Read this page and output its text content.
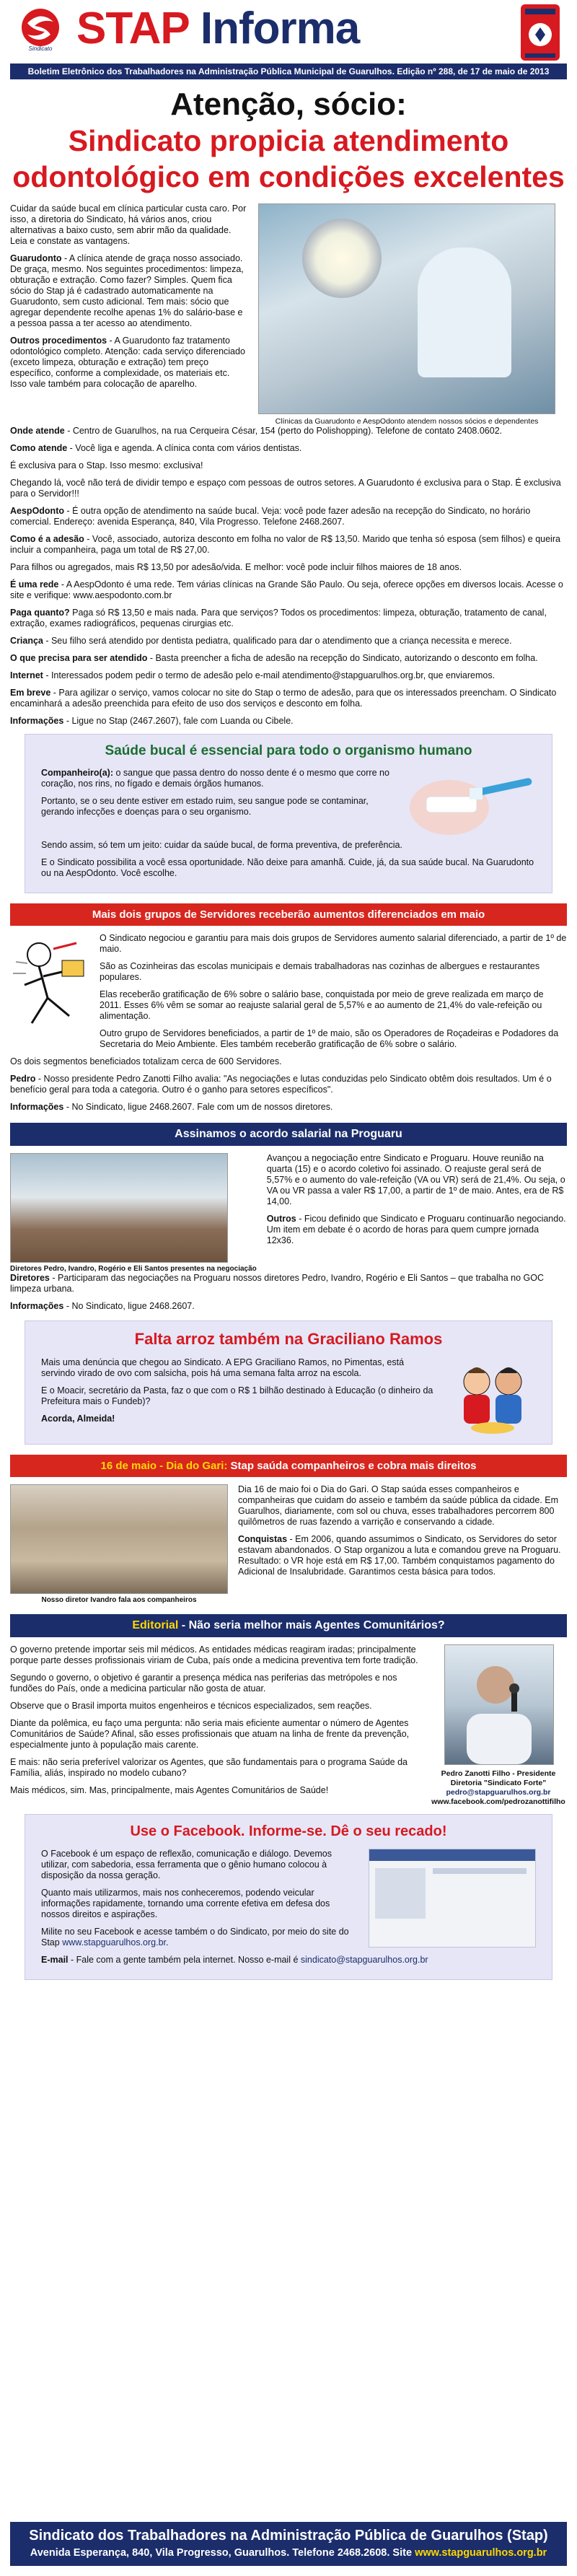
Sindicato STAP Informa
Boletim Eletrônico dos Trabalhadores na Administração Pública Municipal de Guarulhos. Edição nº 288, de 17 de maio de 2013
Atenção, sócio:
Sindicato propicia atendimento
odontológico em condições excelentes

Cuidar da saúde bucal em clínica particular custa caro. Por isso, a diretoria do Sindicato, há vários anos, criou alternativas a baixo custo, sem abrir mão da qualidade. Leia e constate as vantagens.

Guarudonto - A clínica atende de graça nosso associado. De graça, mesmo. Nos seguintes procedimentos: limpeza, obturação e extração. Como fazer? Simples. Quem fica sócio do Stap já é cadastrado automaticamente na Guarudonto, sem custo adicional. Tem mais: sócio que agregar dependente recolhe apenas 1% do salário-base e a pessoa passa a ter acesso ao atendimento.

Outros procedimentos - A Guarudonto faz tratamento odontológico completo. Atenção: cada serviço diferenciado (exceto limpeza, obturação e extração) tem preço específico, conforme a complexidade, os materiais etc. Isso vale também para colocação de aparelho.

Clínicas da Guarudonto e AespOdonto atendem nossos sócios e dependentes

Onde atende - Centro de Guarulhos, na rua Cerqueira César, 154 (perto do Polishopping). Telefone de contato 2408.0602.

Como atende - Você liga e agenda. A clínica conta com vários dentistas.

É exclusiva para o Stap. Isso mesmo: exclusiva!

Chegando lá, você não terá de dividir tempo e espaço com pessoas de outros setores. A Guarudonto é exclusiva para o Stap. É exclusiva para o Servidor!!!

AespOdonto - É outra opção de atendimento na saúde bucal. Veja: você pode fazer adesão na recepção do Sindicato, no horário comercial. Endereço: avenida Esperança, 840, Vila Progresso. Telefone 2468.2607.

Como é a adesão - Você, associado, autoriza desconto em folha no valor de R$ 13,50. Marido que tenha só esposa (sem filhos) e queira incluir a companheira, paga um total de R$ 27,00.

Para filhos ou agregados, mais R$ 13,50 por adesão/vida. E melhor: você pode incluir filhos maiores de 18 anos.

É uma rede - A AespOdonto é uma rede. Tem várias clínicas na Grande São Paulo. Ou seja, oferece opções em diversos locais. Acesse o site e verifique: www.aespodonto.com.br

Paga quanto? Paga só R$ 13,50 e mais nada. Para que serviços? Todos os procedimentos: limpeza, obturação, tratamento de canal, extração, exames radiográficos, pequenas cirurgias etc.

Criança - Seu filho será atendido por dentista pediatra, qualificado para dar o atendimento que a criança necessita e merece.

O que precisa para ser atendido - Basta preencher a ficha de adesão na recepção do Sindicato, autorizando o desconto em folha.

Internet - Interessados podem pedir o termo de adesão pelo e-mail atendimento@stapguarulhos.org.br, que enviaremos.

Em breve - Para agilizar o serviço, vamos colocar no site do Stap o termo de adesão, para que os interessados preencham. O Sindicato encaminhará a adesão preenchida para efeito de uso dos serviços e desconto em folha.

Informações - Ligue no Stap (2467.2607), fale com Luanda ou Cibele.

Saúde bucal é essencial para todo o organismo humano

Companheiro(a): o sangue que passa dentro do nosso dente é o mesmo que corre no coração, nos rins, no fígado e demais órgãos humanos.

Portanto, se o seu dente estiver em estado ruim, seu sangue pode se contaminar, gerando infecções e doenças para o seu organismo.

Sendo assim, só tem um jeito: cuidar da saúde bucal, de forma preventiva, de preferência.

E o Sindicato possibilita a você essa oportunidade. Não deixe para amanhã. Cuide, já, da sua saúde bucal. Na Guarudonto ou na AespOdonto. Você escolhe.

Mais dois grupos de Servidores receberão aumentos diferenciados em maio

O Sindicato negociou e garantiu para mais dois grupos de Servidores aumento salarial diferenciado, a partir de 1º de maio.

São as Cozinheiras das escolas municipais e demais trabalhadoras nas cozinhas de albergues e restaurantes populares.

Elas receberão gratificação de 6% sobre o salário base, conquistada por meio de greve realizada em março de 2011. Esses 6% vêm se somar ao reajuste salarial geral de 5,57% e ao aumento de 21,4% do vale-refeição ou alimentação.

Outro grupo de Servidores beneficiados, a partir de 1º de maio, são os Operadores de Roçadeiras e Podadores da Secretaria do Meio Ambiente. Eles também receberão gratificação de 6% sobre o salário.

Os dois segmentos beneficiados totalizam cerca de 600 Servidores.

Pedro - Nosso presidente Pedro Zanotti Filho avalia: "As negociações e lutas conduzidas pelo Sindicato obtêm dois resultados. Um é o benefício geral para toda a categoria. Outro é o ganho para setores específicos".

Informações - No Sindicato, ligue 2468.2607. Fale com um de nossos diretores.

Assinamos o acordo salarial na Proguaru
Diretores Pedro, Ivandro, Rogério e Eli Santos presentes na negociação

Avançou a negociação entre Sindicato e Proguaru. Houve reunião na quarta (15) e o acordo coletivo foi assinado. O reajuste geral será de 5,57% e o aumento do vale-refeição (VA ou VR) será de 21,4%. Ou seja, o VA ou VR passa a valer R$ 17,00, a partir de 1º de maio. Antes, era de R$ 14,00.

Outros - Ficou definido que Sindicato e Proguaru continuarão negociando. Um item em debate é o acordo de horas para quem cumpre jornada 12x36.

Diretores - Participaram das negociações na Proguaru nossos diretores Pedro, Ivandro, Rogério e Eli Santos – que trabalha no GOC limpeza urbana.

Informações - No Sindicato, ligue 2468.2607.

Falta arroz também na Graciliano Ramos

Mais uma denúncia que chegou ao Sindicato. A EPG Graciliano Ramos, no Pimentas, está servindo virado de ovo com salsicha, pois há uma semana falta arroz na escola.

E o Moacir, secretário da Pasta, faz o que com o R$ 1 bilhão destinado à Educação (o dinheiro da Prefeitura mais o Fundeb)?

Acorda, Almeida!

16 de maio - Dia do Gari: Stap saúda companheiros e cobra mais direitos
Nosso diretor Ivandro fala aos companheiros

Dia 16 de maio foi o Dia do Gari. O Stap saúda esses companheiros e companheiras que cuidam do asseio e também da saúde pública da cidade. Em Guarulhos, diariamente, com sol ou chuva, esses trabalhadores percorrem 800 quilômetros de ruas fazendo a varrição e conservando a cidade.

Conquistas - Em 2006, quando assumimos o Sindicato, os Servidores do setor estavam abandonados. O Stap organizou a luta e comandou greve na Proguaru. Resultado: o VR hoje está em R$ 17,00. Também conquistamos pagamento do Adicional de Insalubridade. Garantimos cesta básica para todos.

Editorial - Não seria melhor mais Agentes Comunitários?

O governo pretende importar seis mil médicos. As entidades médicas reagiram iradas; principalmente porque parte desses profissionais viriam de Cuba, país onde a medicina preventiva tem forte tradição.

Segundo o governo, o objetivo é garantir a presença médica nas periferias das metrópoles e nos fundões do País, onde a medicina particular não gosta de atuar.

Observe que o Brasil importa muitos engenheiros e técnicos especializados, sem reações.

Diante da polêmica, eu faço uma pergunta: não seria mais eficiente aumentar o número de Agentes Comunitários de Saúde? Afinal, são esses profissionais que atuam na linha de frente da prevenção, especialmente junto à população mais carente.

E mais: não seria preferível valorizar os Agentes, que são fundamentais para o programa Saúde da Família, aliás, inspirado no modelo cubano?

Mais médicos, sim. Mas, principalmente, mais Agentes Comunitários de Saúde!

Pedro Zanotti Filho - Presidente
Diretoria "Sindicato Forte"
pedro@stapguarulhos.org.br
www.facebook.com/pedrozanottifilho
Use o Facebook. Informe-se. Dê o seu recado!

O Facebook é um espaço de reflexão, comunicação e diálogo. Devemos utilizar, com sabedoria, essa ferramenta que o gênio humano colocou à disposição da nossa geração.

Quanto mais utilizarmos, mais nos conheceremos, podendo veicular informações rapidamente, tornando uma corrente efetiva em defesa dos nossos direitos e aspirações.

Milite no seu Facebook e acesse também o do Sindicato, por meio do site do Stap www.stapguarulhos.org.br.

E-mail - Fale com a gente também pela internet. Nosso e-mail é sindicato@stapguarulhos.org.br

Sindicato dos Trabalhadores na Administração Pública de Guarulhos (Stap)
Avenida Esperança, 840, Vila Progresso, Guarulhos. Telefone 2468.2608. Site www.stapguarulhos.org.br
